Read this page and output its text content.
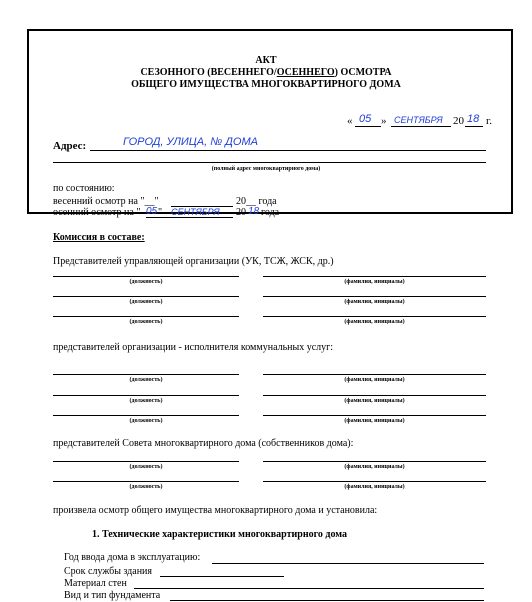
АКТ
СЕЗОННОГО (ВЕСЕННЕГО/ОСЕННЕГО) ОСМОТРА
ОБЩЕГО ИМУЩЕСТВА МНОГОКВАРТИРНОГО ДОМА
« 05 » СЕНТЯБРЯ 20 18 г.
Адрес:	ГОРОД, УЛИЦА, № ДОМА
(полный адрес многоквартирного дома)
по состоянию:
весенний осмотр на "__"	20__ года
осенний осмотр на " 05 " СЕНТЯБРЯ 20 18 года
Комиссия в составе:
Представителей управляющей организации (УК, ТСЖ, ЖСК, др.)
(должность)	(фамилия, инициалы)
(должность)	(фамилия, инициалы)
(должность)	(фамилия, инициалы)
представителей организации - исполнителя коммунальных услуг:
(должность)	(фамилия, инициалы)
(должность)	(фамилия, инициалы)
(должность)	(фамилия, инициалы)
представителей Совета многоквартирного дома (собственников дома):
(должность)	(фамилия, инициалы)
(должность)	(фамилия, инициалы)
произвела осмотр общего имущества многоквартирного дома и установила:
1. Технические характеристики многоквартирного дома
Год ввода дома в эксплуатацию:
Срок службы здания
Материал стен
Вид и тип фундамента
